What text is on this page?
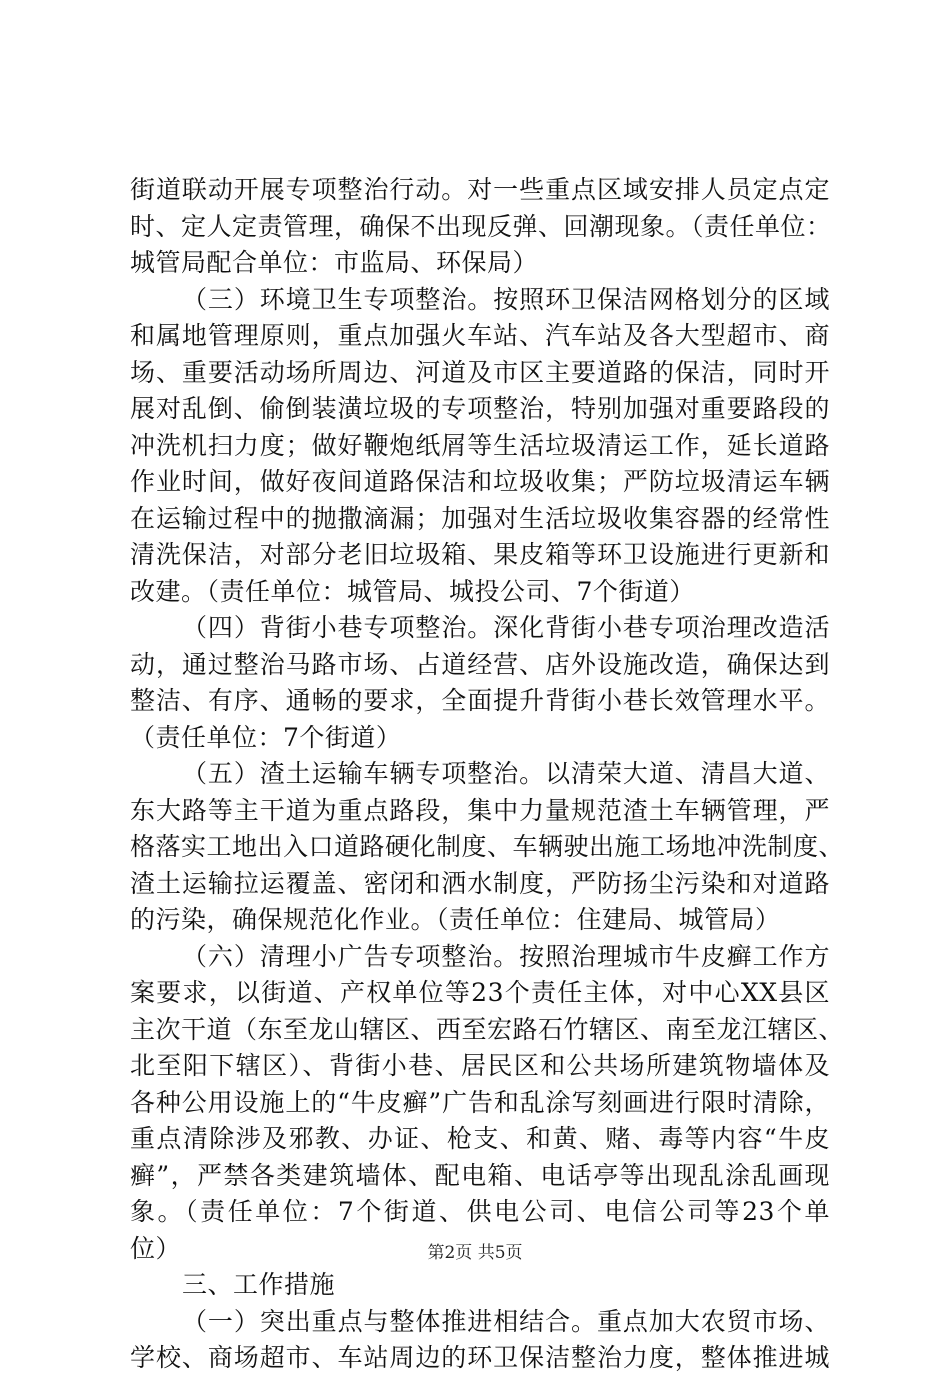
街道联动开展专项整治行动。对一些重点区域安排人员定点定
时、定人定责管理，确保不出现反弹、回潮现象。（责任单位：
城管局配合单位：市监局、环保局）
（三）环境卫生专项整治。按照环卫保洁网格划分的区域
和属地管理原则，重点加强火车站、汽车站及各大型超市、商
场、重要活动场所周边、河道及市区主要道路的保洁，同时开
展对乱倒、偷倒装潢垃圾的专项整治，特别加强对重要路段的
冲洗机扫力度；做好鞭炮纸屑等生活垃圾清运工作，延长道路
作业时间，做好夜间道路保洁和垃圾收集；严防垃圾清运车辆
在运输过程中的抛撒滴漏；加强对生活垃圾收集容器的经常性
清洗保洁，对部分老旧垃圾箱、果皮箱等环卫设施进行更新和
改建。（责任单位：城管局、城投公司、7个街道）
（四）背街小巷专项整治。深化背街小巷专项治理改造活
动，通过整治马路市场、占道经营、店外设施改造，确保达到
整洁、有序、通畅的要求，全面提升背街小巷长效管理水平。
（责任单位：7个街道）
（五）渣土运输车辆专项整治。以清荣大道、清昌大道、
东大路等主干道为重点路段，集中力量规范渣土车辆管理，严
格落实工地出入口道路硬化制度、车辆驶出施工场地冲洗制度、
渣土运输拉运覆盖、密闭和洒水制度，严防扬尘污染和对道路
的污染，确保规范化作业。（责任单位：住建局、城管局）
（六）清理小广告专项整治。按照治理城市牛皮癣工作方
案要求，以街道、产权单位等23个责任主体，对中心XX县区
主次干道（东至龙山辖区、西至宏路石竹辖区、南至龙江辖区、
北至阳下辖区）、背街小巷、居民区和公共场所建筑物墙体及
各种公用设施上的“牛皮癣”广告和乱涂写刻画进行限时清除，
重点清除涉及邪教、办证、枪支、和黄、赌、毒等内容“牛皮
癣”，严禁各类建筑墙体、配电箱、电话亭等出现乱涂乱画现
象。（责任单位：7个街道、供电公司、电信公司等23个单
位）
三、工作措施
（一）突出重点与整体推进相结合。重点加大农贸市场、
学校、商场超市、车站周边的环卫保洁整治力度，整体推进城
第2页 共5页
